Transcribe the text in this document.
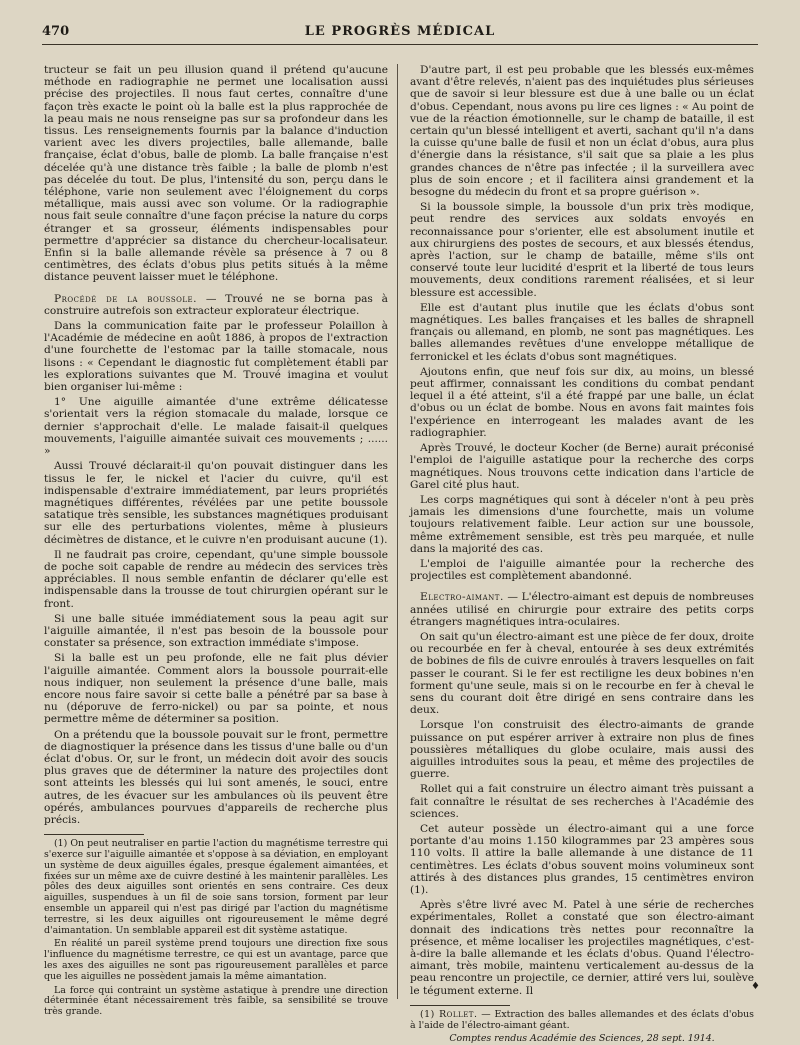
470	LE PROGRÈS MÉDICAL

tructeur se fait un peu illusion quand il prétend qu'aucune méthode en radiographie ne permet une localisation aussi précise des projectiles. Il nous faut certes, connaître d'une façon très exacte le point où la balle est la plus rapprochée de la peau mais ne nous renseigne pas sur sa profondeur dans les tissus. Les renseignements fournis par la balance d'induction varient avec les divers projectiles, balle allemande, balle française, éclat d'obus, balle de plomb. La balle française n'est décelée qu'à une distance très faible ; la balle de plomb n'est pas décelée du tout. De plus, l'intensité du son, perçu dans le téléphone, varie non seulement avec l'éloignement du corps métallique, mais aussi avec son volume. Or la radiographie nous fait seule connaître d'une façon précise la nature du corps étranger et sa grosseur, éléments indispensables pour permettre d'apprécier sa distance du chercheur-localisateur. Enfin si la balle allemande révèle sa présence à 7 ou 8 centimètres, des éclats d'obus plus petits situés à la même distance peuvent laisser muet le téléphone.

Procédé de la boussole. — Trouvé ne se borna pas à construire autrefois son extracteur explorateur électrique.

Dans la communication faite par le professeur Polaillon à l'Académie de médecine en août 1886, à propos de l'extraction d'une fourchette de l'estomac par la taille stomacale, nous lisons : « Cependant le diagnostic fut complètement établi par les explorations suivantes que M. Trouvé imagina et voulut bien organiser lui-même :

1° Une aiguille aimantée d'une extrême délicatesse s'orientait vers la région stomacale du malade, lorsque ce dernier s'approchait d'elle. Le malade faisait-il quelques mouvements, l'aiguille aimantée suivait ces mouvements ; ...... »

Aussi Trouvé déclarait-il qu'on pouvait distinguer dans les tissus le fer, le nickel et l'acier du cuivre, qu'il est indispensable d'extraire immédiatement, par leurs propriétés magnétiques différentes, révélées par une petite boussole satatique très sensible, les substances magnétiques produisant sur elle des perturbations violentes, même à plusieurs décimètres de distance, et le cuivre n'en produisant aucune (1).

Il ne faudrait pas croire, cependant, qu'une simple boussole de poche soit capable de rendre au médecin des services très appréciables. Il nous semble enfantin de déclarer qu'elle est indispensable dans la trousse de tout chirurgien opérant sur le front.

Si une balle située immédiatement sous la peau agit sur l'aiguille aimantée, il n'est pas besoin de la boussole pour constater sa présence, son extraction immédiate s'impose.

Si la balle est un peu profonde, elle ne fait plus dévier l'aiguille aimantée. Comment alors la boussole pourrait-elle nous indiquer, non seulement la présence d'une balle, mais encore nous faire savoir si cette balle a pénétré par sa base à nu (déporuve de ferro-nickel) ou par sa pointe, et nous permettre même de déterminer sa position.

On a prétendu que la boussole pouvait sur le front, permettre de diagnostiquer la présence dans les tissus d'une balle ou d'un éclat d'obus. Or, sur le front, un médecin doit avoir des soucis plus graves que de déterminer la nature des projectiles dont sont atteints les blessés qui lui sont amenés, le souci, entre autres, de les évacuer sur les ambulances où ils peuvent être opérés, ambulances pourvues d'appareils de recherche plus précis.

(1) On peut neutraliser en partie l'action du magnétisme terrestre qui s'exerce sur l'aiguille aimantée et s'oppose à sa déviation, en employant un système de deux aiguilles égales, presque également aimantées, et fixées sur un même axe de cuivre destiné à les maintenir parallèles. Les pôles des deux aiguilles sont orientés en sens contraire. Ces deux aiguilles, suspendues à un fil de soie sans torsion, forment par leur ensemble un appareil qui n'est pas dirigé par l'action du magnétisme terrestre, si les deux aiguilles ont rigoureusement le même degré d'aimantation. Un semblable appareil est dit système astatique.

En réalité un pareil système prend toujours une direction fixe sous l'influence du magnétisme terrestre, ce qui est un avantage, parce que les axes des aiguilles ne sont pas rigoureusement parallèles et parce que les aiguilles ne possèdent jamais la même aimantation.

La force qui contraint un système astatique à prendre une direction déterminée étant nécessairement très faible, sa sensibilité se trouve très grande.

D'autre part, il est peu probable que les blessés eux-mêmes avant d'être relevés, n'aient pas des inquiétudes plus sérieuses que de savoir si leur blessure est due à une balle ou un éclat d'obus. Cependant, nous avons pu lire ces lignes : « Au point de vue de la réaction émotionnelle, sur le champ de bataille, il est certain qu'un blessé intelligent et averti, sachant qu'il n'a dans la cuisse qu'une balle de fusil et non un éclat d'obus, aura plus d'énergie dans la résistance, s'il sait que sa plaie a les plus grandes chances de n'être pas infectée ; il la surveillera avec plus de soin encore ; et il facilitera ainsi grandement et la besogne du médecin du front et sa propre guérison ».

Si la boussole simple, la boussole d'un prix très modique, peut rendre des services aux soldats envoyés en reconnaissance pour s'orienter, elle est absolument inutile et aux chirurgiens des postes de secours, et aux blessés étendus, après l'action, sur le champ de bataille, même s'ils ont conservé toute leur lucidité d'esprit et la liberté de tous leurs mouvements, deux conditions rarement réalisées, et si leur blessure est accessible.

Elle est d'autant plus inutile que les éclats d'obus sont magnétiques. Les balles françaises et les balles de shrapnell français ou allemand, en plomb, ne sont pas magnétiques. Les balles allemandes revêtues d'une enveloppe métallique de ferronickel et les éclats d'obus sont magnétiques.

Ajoutons enfin, que neuf fois sur dix, au moins, un blessé peut affirmer, connaissant les conditions du combat pendant lequel il a été atteint, s'il a été frappé par une balle, un éclat d'obus ou un éclat de bombe. Nous en avons fait maintes fois l'expérience en interrogeant les malades avant de les radiographier.

Après Trouvé, le docteur Kocher (de Berne) aurait préconisé l'emploi de l'aiguille astatique pour la recherche des corps magnétiques. Nous trouvons cette indication dans l'article de Garel cité plus haut.

Les corps magnétiques qui sont à déceler n'ont à peu près jamais les dimensions d'une fourchette, mais un volume toujours relativement faible. Leur action sur une boussole, même extrêmement sensible, est très peu marquée, et nulle dans la majorité des cas.

L'emploi de l'aiguille aimantée pour la recherche des projectiles est complètement abandonné.

Electro-aimant. — L'électro-aimant est depuis de nombreuses années utilisé en chirurgie pour extraire des petits corps étrangers magnétiques intra-oculaires.

On sait qu'un électro-aimant est une pièce de fer doux, droite ou recourbée en fer à cheval, entourée à ses deux extrémités de bobines de fils de cuivre enroulés à travers lesquelles on fait passer le courant. Si le fer est rectiligne les deux bobines n'en forment qu'une seule, mais si on le recourbe en fer à cheval le sens du courant doit être dirigé en sens contraire dans les deux.

Lorsque l'on construisit des électro-aimants de grande puissance on put espérer arriver à extraire non plus de fines poussières métalliques du globe oculaire, mais aussi des aiguilles introduites sous la peau, et même des projectiles de guerre.

Rollet qui a fait construire un électro aimant très puissant a fait connaître le résultat de ses recherches à l'Académie des sciences.

Cet auteur possède un électro-aimant qui a une force portante d'au moins 1.150 kilogrammes par 23 ampères sous 110 volts. Il attire la balle allemande à une distance de 11 centimètres. Les éclats d'obus souvent moins volumineux sont attirés à des distances plus grandes, 15 centimètres environ (1).

Après s'être livré avec M. Patel à une série de recherches expérimentales, Rollet a constaté que son électro-aimant donnait des indications très nettes pour reconnaître la présence, et même localiser les projectiles magnétiques, c'est-à-dire la balle allemande et les éclats d'obus. Quand l'électro-aimant, très mobile, maintenu verticalement au-dessus de la peau rencontre un projectile, ce dernier, attiré vers lui, soulève le tégument externe. Il

(1) Rollet. — Extraction des balles allemandes et des éclats d'obus à l'aide de l'électro-aimant géant.

Comptes rendus Académie des Sciences, 28 sept. 1914.

♦
